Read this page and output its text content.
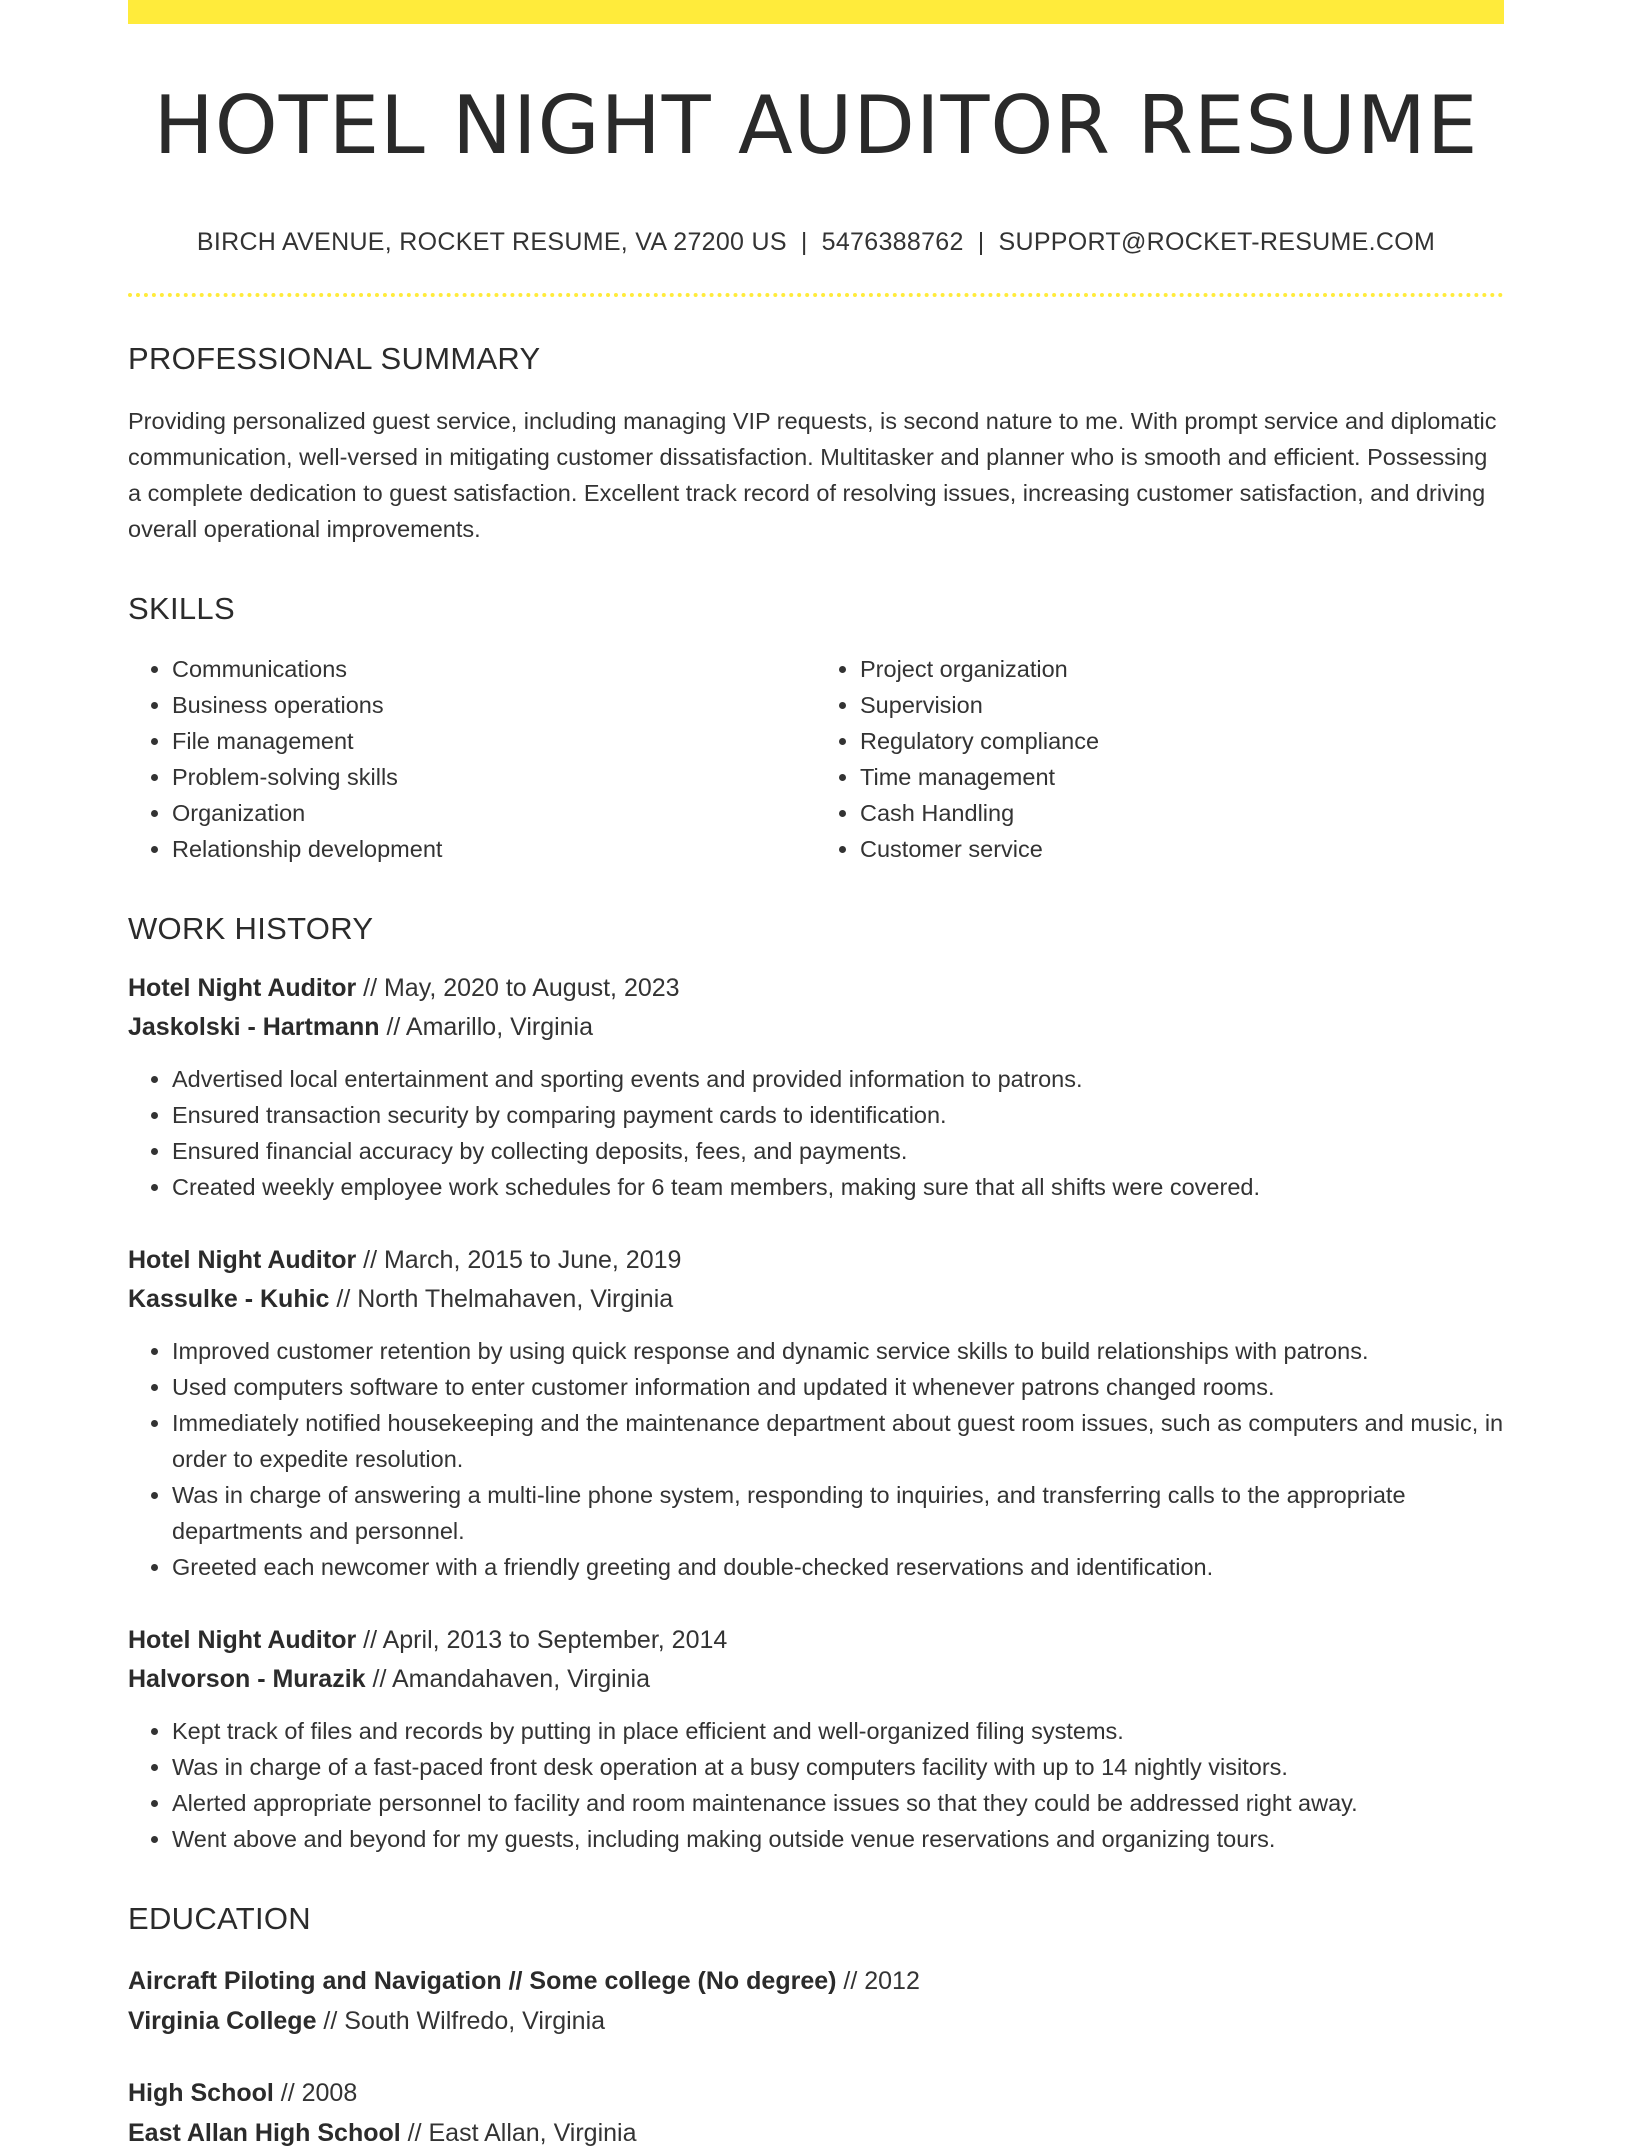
HOTEL NIGHT AUDITOR RESUME
BIRCH AVENUE, ROCKET RESUME, VA 27200 US | 5476388762 | SUPPORT@ROCKET-RESUME.COM
PROFESSIONAL SUMMARY

Providing personalized guest service, including managing VIP requests, is second nature to me. With prompt service and diplomatic communication, well-versed in mitigating customer dissatisfaction. Multitasker and planner who is smooth and efficient. Possessing a complete dedication to guest satisfaction. Excellent track record of resolving issues, increasing customer satisfaction, and driving overall operational improvements.

SKILLS
• Communications
• Business operations
• File management
• Problem-solving skills
• Organization
• Relationship development
• Project organization
• Supervision
• Regulatory compliance
• Time management
• Cash Handling
• Customer service
WORK HISTORY
Hotel Night Auditor // May, 2020 to August, 2023
Jaskolski - Hartmann // Amarillo, Virginia
• Advertised local entertainment and sporting events and provided information to patrons.
• Ensured transaction security by comparing payment cards to identification.
• Ensured financial accuracy by collecting deposits, fees, and payments.
• Created weekly employee work schedules for 6 team members, making sure that all shifts were covered.
Hotel Night Auditor // March, 2015 to June, 2019
Kassulke - Kuhic // North Thelmahaven, Virginia
• Improved customer retention by using quick response and dynamic service skills to build relationships with patrons.
• Used computers software to enter customer information and updated it whenever patrons changed rooms.
• Immediately notified housekeeping and the maintenance department about guest room issues, such as computers and music, in order to expedite resolution.
• Was in charge of answering a multi-line phone system, responding to inquiries, and transferring calls to the appropriate departments and personnel.
• Greeted each newcomer with a friendly greeting and double-checked reservations and identification.
Hotel Night Auditor // April, 2013 to September, 2014
Halvorson - Murazik // Amandahaven, Virginia
• Kept track of files and records by putting in place efficient and well-organized filing systems.
• Was in charge of a fast-paced front desk operation at a busy computers facility with up to 14 nightly visitors.
• Alerted appropriate personnel to facility and room maintenance issues so that they could be addressed right away.
• Went above and beyond for my guests, including making outside venue reservations and organizing tours.
EDUCATION
Aircraft Piloting and Navigation // Some college (No degree) // 2012
Virginia College // South Wilfredo, Virginia
High School // 2008
East Allan High School // East Allan, Virginia
